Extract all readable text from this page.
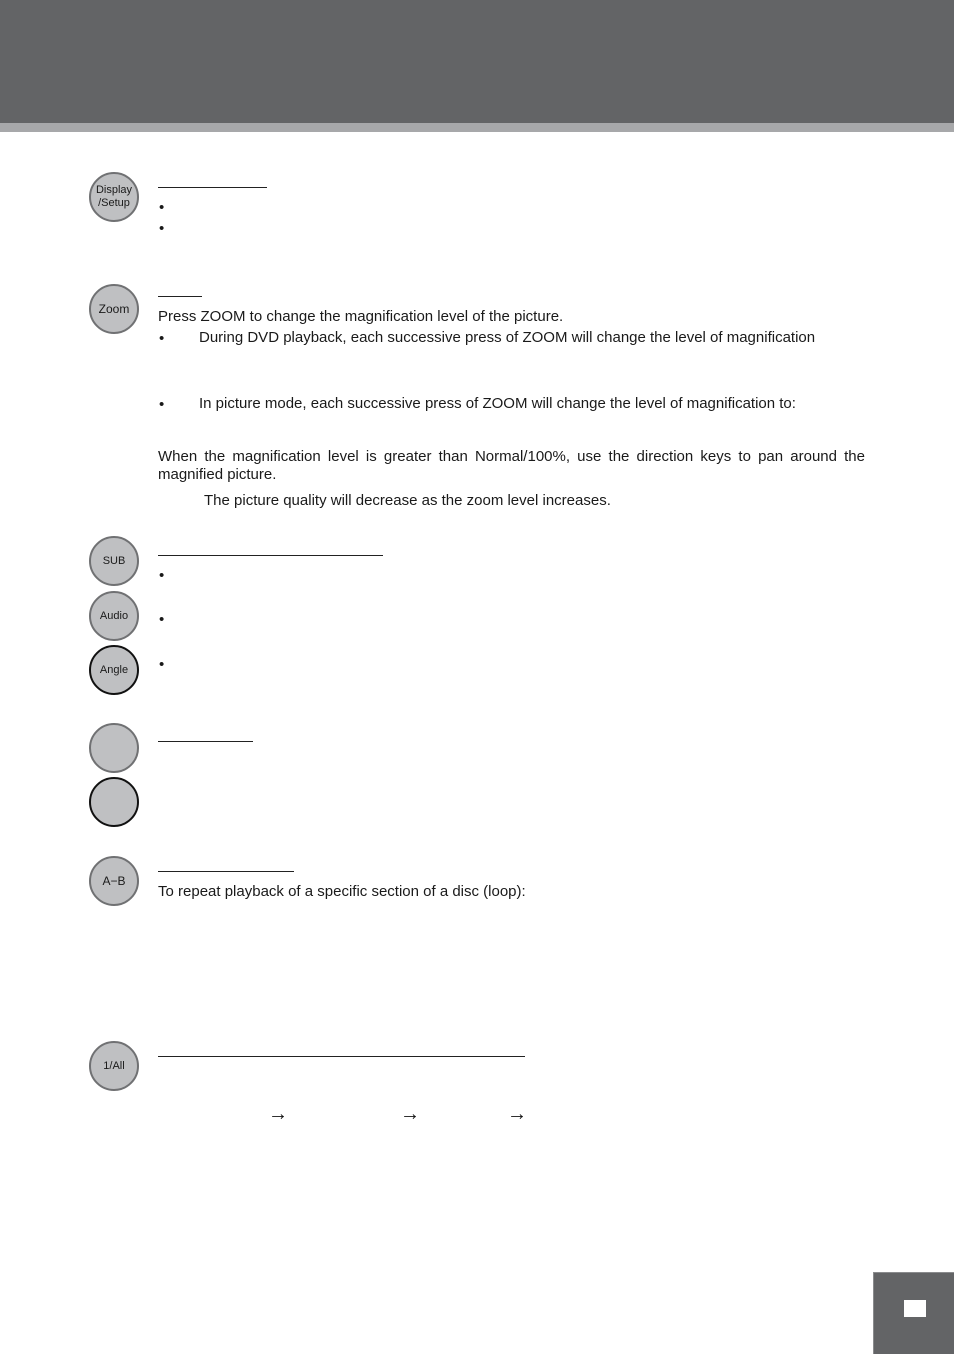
Display
/Setup •
•
Zoom Press ZOOM to change the magnification level of the picture.
• During DVD playback, each successive press of ZOOM will change the level of magnification
• In picture mode, each successive press of ZOOM will change the level of magnification to:
When the magnification level is greater than Normal/100%, use the direction keys to pan around the magnified picture.
The picture quality will decrease as the zoom level increases.
SUB
Audio
Angle
•
•
•
A−B
To repeat playback of a specific section of a disc (loop):
1/All
→	→	→
